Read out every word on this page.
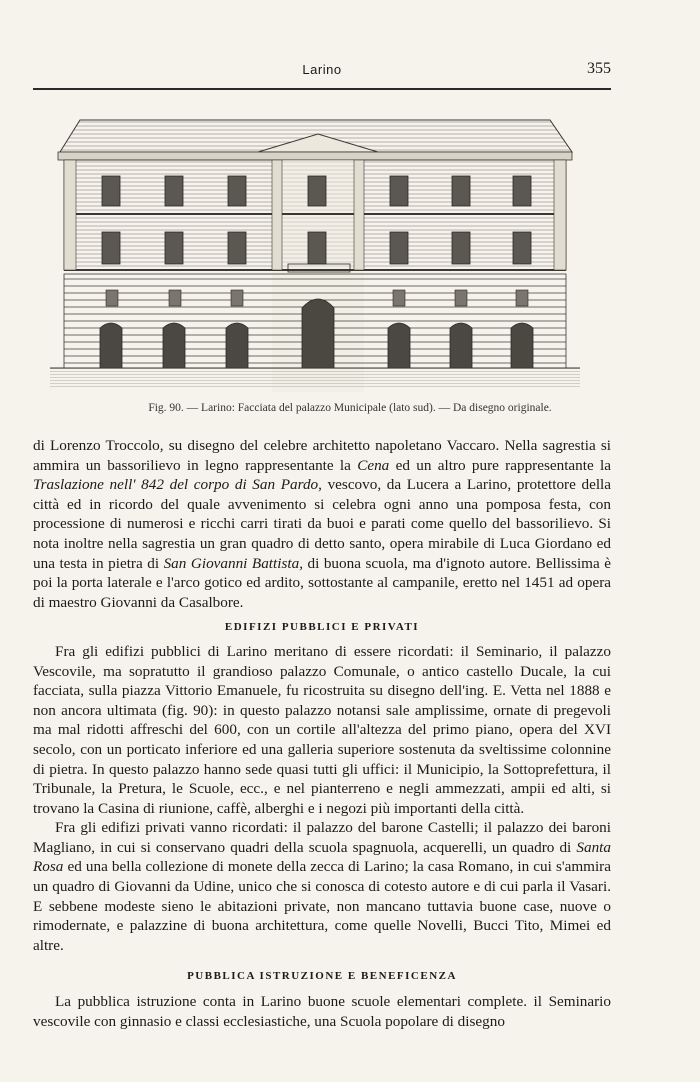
Larino	355
Fig. 90. — Larino: Facciata del palazzo Municipale (lato sud). — Da disegno originale.

di Lorenzo Troccolo, su disegno del celebre architetto napoletano Vaccaro. Nella sagrestia si ammira un bassorilievo in legno rappresentante la Cena ed un altro pure rappresentante la Traslazione nell' 842 del corpo di San Pardo, vescovo, da Lucera a Larino, protettore della città ed in ricordo del quale avvenimento si celebra ogni anno una pomposa festa, con processione di numerosi e ricchi carri tirati da buoi e parati come quello del bassorilievo. Si nota inoltre nella sagrestia un gran quadro di detto santo, opera mirabile di Luca Giordano ed una testa in pietra di San Giovanni Battista, di buona scuola, ma d'ignoto autore. Bellissima è poi la porta laterale e l'arco gotico ed ardito, sottostante al campanile, eretto nel 1451 ad opera di maestro Giovanni da Casalbore.

EDIFIZI PUBBLICI E PRIVATI

Fra gli edifizi pubblici di Larino meritano di essere ricordati: il Seminario, il palazzo Vescovile, ma sopratutto il grandioso palazzo Comunale, o antico castello Ducale, la cui facciata, sulla piazza Vittorio Emanuele, fu ricostruita su disegno dell'ing. E. Vetta nel 1888 e non ancora ultimata (fig. 90): in questo palazzo notansi sale amplissime, ornate di pregevoli ma mal ridotti affreschi del 600, con un cortile all'altezza del primo piano, opera del XVI secolo, con un porticato inferiore ed una galleria superiore sostenuta da sveltissime colonnine di pietra. In questo palazzo hanno sede quasi tutti gli uffici: il Municipio, la Sottoprefettura, il Tribunale, la Pretura, le Scuole, ecc., e nel pianterreno e negli ammezzati, ampii ed alti, si trovano la Casina di riunione, caffè, alberghi e i negozi più importanti della città.

Fra gli edifizi privati vanno ricordati: il palazzo del barone Castelli; il palazzo dei baroni Magliano, in cui si conservano quadri della scuola spagnuola, acquerelli, un quadro di Santa Rosa ed una bella collezione di monete della zecca di Larino; la casa Romano, in cui s'ammira un quadro di Giovanni da Udine, unico che si conosca di cotesto autore e di cui parla il Vasari. E sebbene modeste sieno le abitazioni private, non mancano tuttavia buone case, nuove o rimodernate, e palazzine di buona architettura, come quelle Novelli, Bucci Tito, Mimei ed altre.

PUBBLICA ISTRUZIONE E BENEFICENZA

La pubblica istruzione conta in Larino buone scuole elementari complete. il Seminario vescovile con ginnasio e classi ecclesiastiche, una Scuola popolare di disegno
